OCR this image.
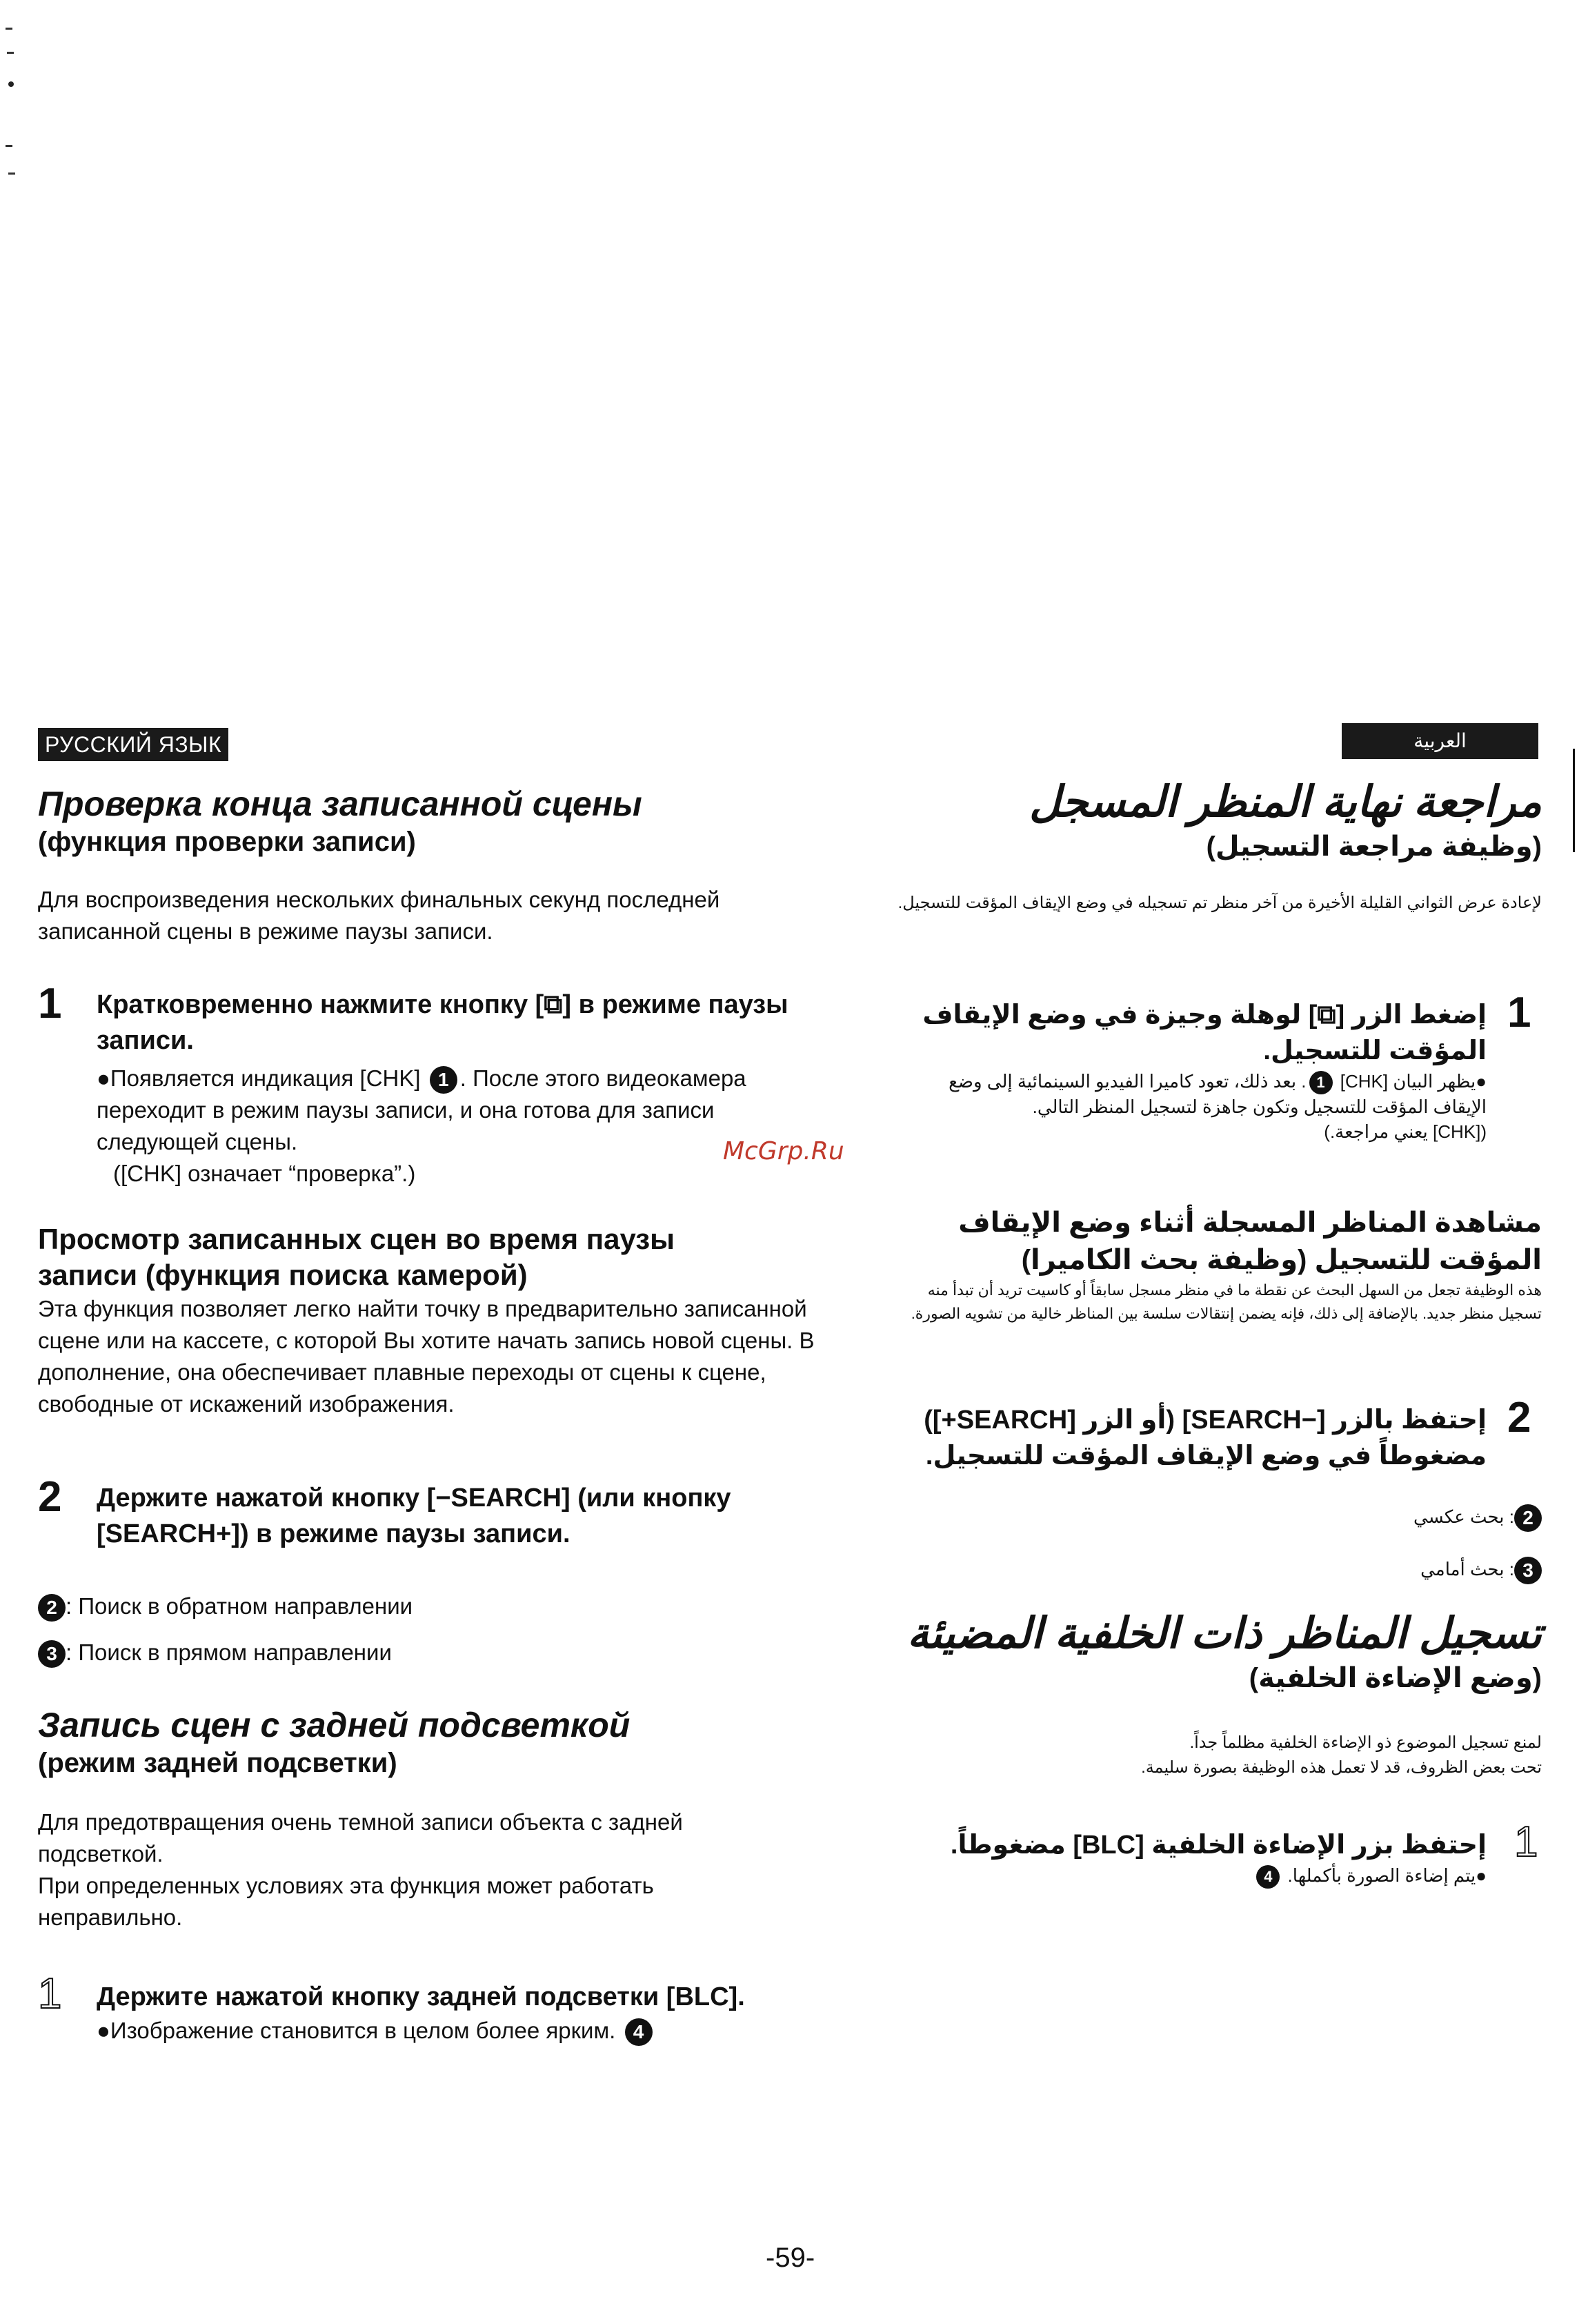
РУССКИЙ ЯЗЫК
Проверка конца записанной сцены
(функция проверки записи)

Для воспроизведения нескольких финальных секунд последней записанной сцены в режиме паузы записи.

1 Кратковременно нажмите кнопку [⧉] в режиме паузы записи.
●Появляется индикация [CHK] 1 . После этого видеокамера переходит в режим паузы записи, и она готова для записи следующей сцены.
([CHK] означает “проверка”.)
Просмотр записанных сцен во время паузы записи (функция поиска камерой)

Эта функция позволяет легко найти точку в предварительно записанной сцене или на кассете, с которой Вы хотите начать запись новой сцены. В дополнение, она обеспечивает плавные переходы от сцены к сцене, свободные от искажений изображения.

2 Держите нажатой кнопку [−SEARCH] (или кнопку [SEARCH+]) в режиме паузы записи.
2 : Поиск в обратном направлении
3 : Поиск в прямом направлении
Запись сцен с задней подсветкой
(режим задней подсветки)

Для предотвращения очень темной записи объекта с задней подсветкой.

При определенных условиях эта функция может работать неправильно.

1 Держите нажатой кнопку задней подсветки [BLC].
●Изображение становится в целом более ярким. 4
McGrp.Ru
العربية
مراجعة نهاية المنظر المسجل
(وظيفة مراجعة التسجيل)

لإعادة عرض الثواني القليلة الأخيرة من آخر منظر تم تسجيله في وضع الإيقاف المؤقت للتسجيل.

1
إضغط الزر [⧉] لوهلة وجيزة في وضع الإيقاف المؤقت للتسجيل.
●يظهر البيان [CHK] 1. بعد ذلك، تعود كاميرا الفيديو السينمائية إلى وضع الإيقاف المؤقت للتسجيل وتكون جاهزة لتسجيل المنظر التالي.
([CHK] يعني مراجعة.)
مشاهدة المناظر المسجلة أثناء وضع الإيقاف المؤقت للتسجيل (وظيفة بحث الكاميرا)

هذه الوظيفة تجعل من السهل البحث عن نقطة ما في منظر مسجل سابقاً أو كاسيت تريد أن تبدأ منه تسجيل منظر جديد. بالإضافة إلى ذلك، فإنه يضمن إنتقالات سلسة بين المناظر خالية من تشويه الصورة.

2
إحتفظ بالزر [−SEARCH] (أو الزر [SEARCH+]) مضغوطاً في وضع الإيقاف المؤقت للتسجيل.
2: بحث عكسي
3: بحث أمامي
تسجيل المناظر ذات الخلفية المضيئة
(وضع الإضاءة الخلفية)

لمنع تسجيل الموضوع ذو الإضاءة الخلفية مظلماً جداً.

تحت بعض الظروف، قد لا تعمل هذه الوظيفة بصورة سليمة.

1
إحتفظ بزر الإضاءة الخلفية [BLC] مضغوطاً.
●يتم إضاءة الصورة بأكملها. 4
-59-
